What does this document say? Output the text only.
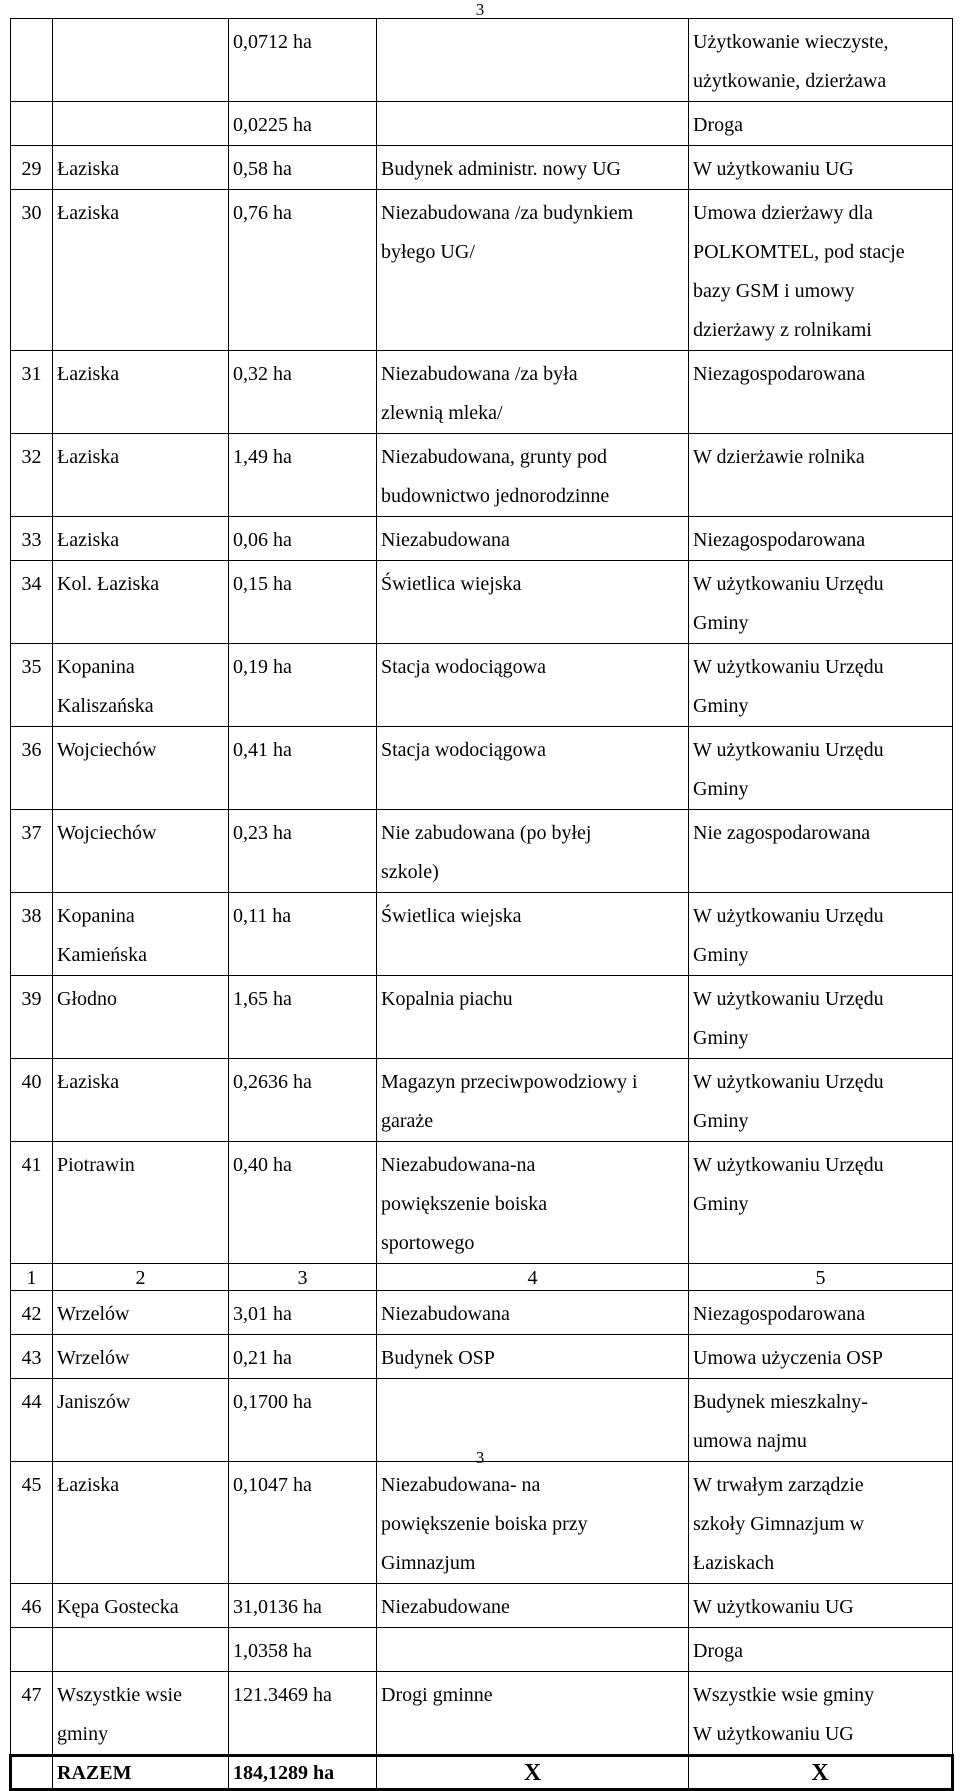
3

		0,0712 ha		Użytkowanie wieczyste,
użytkowanie, dzierżawa

		0,0225 ha		Droga

29	Łaziska	0,58 ha	Budynek administr. nowy UG	W użytkowaniu UG

30	Łaziska	0,76 ha	Niezabudowana /za budynkiem
byłego UG/	Umowa dzierżawy dla
POLKOMTEL, pod stacje
bazy GSM i umowy
dzierżawy z rolnikami

31	Łaziska	0,32 ha	Niezabudowana /za była
zlewnią mleka/	Niezagospodarowana

32	Łaziska	1,49 ha	Niezabudowana, grunty pod
budownictwo jednorodzinne	W dzierżawie rolnika

33	Łaziska	0,06 ha	Niezabudowana	Niezagospodarowana

34	Kol. Łaziska	0,15 ha	Świetlica wiejska	W użytkowaniu Urzędu
Gminy

35	Kopanina
Kaliszańska	0,19 ha	Stacja wodociągowa	W użytkowaniu Urzędu
Gminy

36	Wojciechów	0,41 ha	Stacja wodociągowa	W użytkowaniu Urzędu
Gminy

37	Wojciechów	0,23 ha	Nie zabudowana (po byłej
szkole)	Nie zagospodarowana

38	Kopanina
Kamieńska	0,11 ha	Świetlica wiejska	W użytkowaniu Urzędu
Gminy

39	Głodno	1,65 ha	Kopalnia piachu	W użytkowaniu Urzędu
Gminy

40	Łaziska	0,2636 ha	Magazyn przeciwpowodziowy i
garaże	W użytkowaniu Urzędu
Gminy

41	Piotrawin	0,40 ha	Niezabudowana-na
powiększenie boiska
sportowego	W użytkowaniu Urzędu
Gminy

1	2	3	4	5
42	Wrzelów	3,01 ha	Niezabudowana	Niezagospodarowana

43	Wrzelów	0,21 ha	Budynek OSP	Umowa użyczenia OSP

44	Janiszów	0,1700 ha		Budynek mieszkalny-
umowa najmu

45	Łaziska	0,1047 ha	Niezabudowana- na
powiększenie boiska przy
Gimnazjum	W trwałym zarządzie
szkoły Gimnazjum w
Łaziskach

46	Kępa Gostecka	31,0136 ha	Niezabudowane	W użytkowaniu UG

		1,0358 ha		Droga

47	Wszystkie wsie
gminy	121.3469 ha	Drogi gminne	Wszystkie wsie gminy
W użytkowaniu UG

	RAZEM	184,1289 ha	X	X
3
